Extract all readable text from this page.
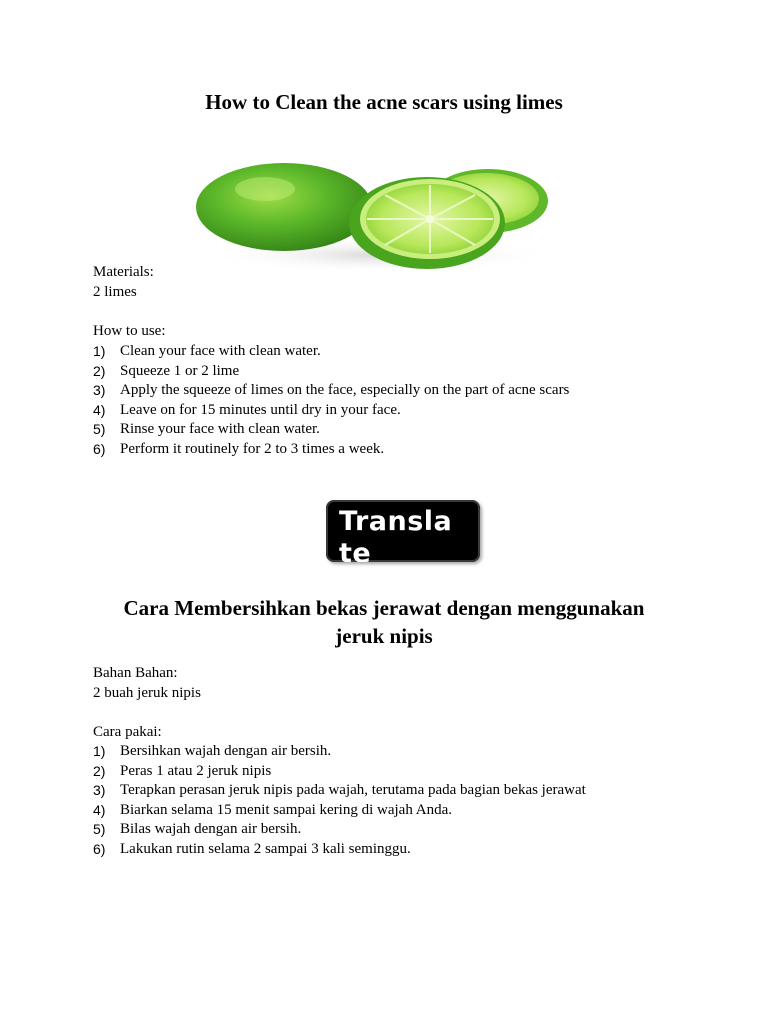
How to Clean the acne scars using limes
Materials:
2 limes
How to use:
1) Clean your face with clean water.
2) Squeeze 1 or 2 lime
3) Apply the squeeze of limes on the face, especially on the part of acne scars
4) Leave on for 15 minutes until dry in your face.
5) Rinse your face with clean water.
6) Perform it routinely for 2 to 3 times a week.
Translate
Cara Membersihkan bekas jerawat dengan menggunakan jeruk nipis
Bahan Bahan:
2 buah jeruk nipis
Cara pakai:
1) Bersihkan wajah dengan air bersih.
2) Peras 1 atau 2 jeruk nipis
3) Terapkan perasan jeruk nipis pada wajah, terutama pada bagian bekas jerawat
4) Biarkan selama 15 menit sampai kering di wajah Anda.
5) Bilas wajah dengan air bersih.
6) Lakukan rutin selama 2 sampai 3 kali seminggu.
